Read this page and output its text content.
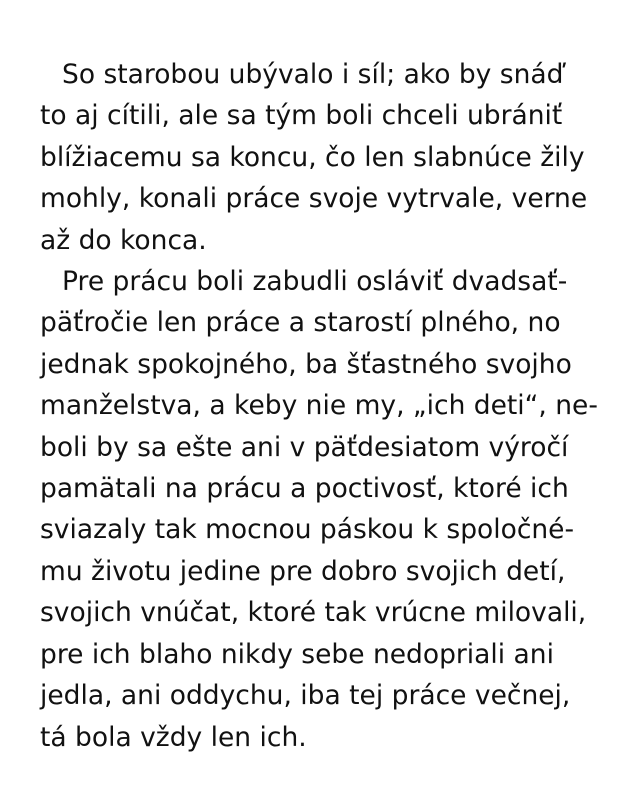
So starobou ubývalo i síl; ako by snáď
to aj cítili, ale sa tým boli chceli ubrániť
blížiacemu sa koncu, čo len slabnúce žily
mohly, konali práce svoje vytrvale, verne
až do konca.
Pre prácu boli zabudli osláviť dvadsať-
päťročie len práce a starostí plného, no
jednak spokojného, ba šťastného svojho
manželstva, a keby nie my, „ich deti“, ne-
boli by sa ešte ani v päťdesiatom výročí
pamätali na prácu a poctivosť, ktoré ich
sviazaly tak mocnou páskou k spoločné-
mu životu jedine pre dobro svojich detí,
svojich vnúčat, ktoré tak vrúcne milovali,
pre ich blaho nikdy sebe nedopriali ani
jedla, ani oddychu, iba tej práce večnej,
tá bola vždy len ich.
